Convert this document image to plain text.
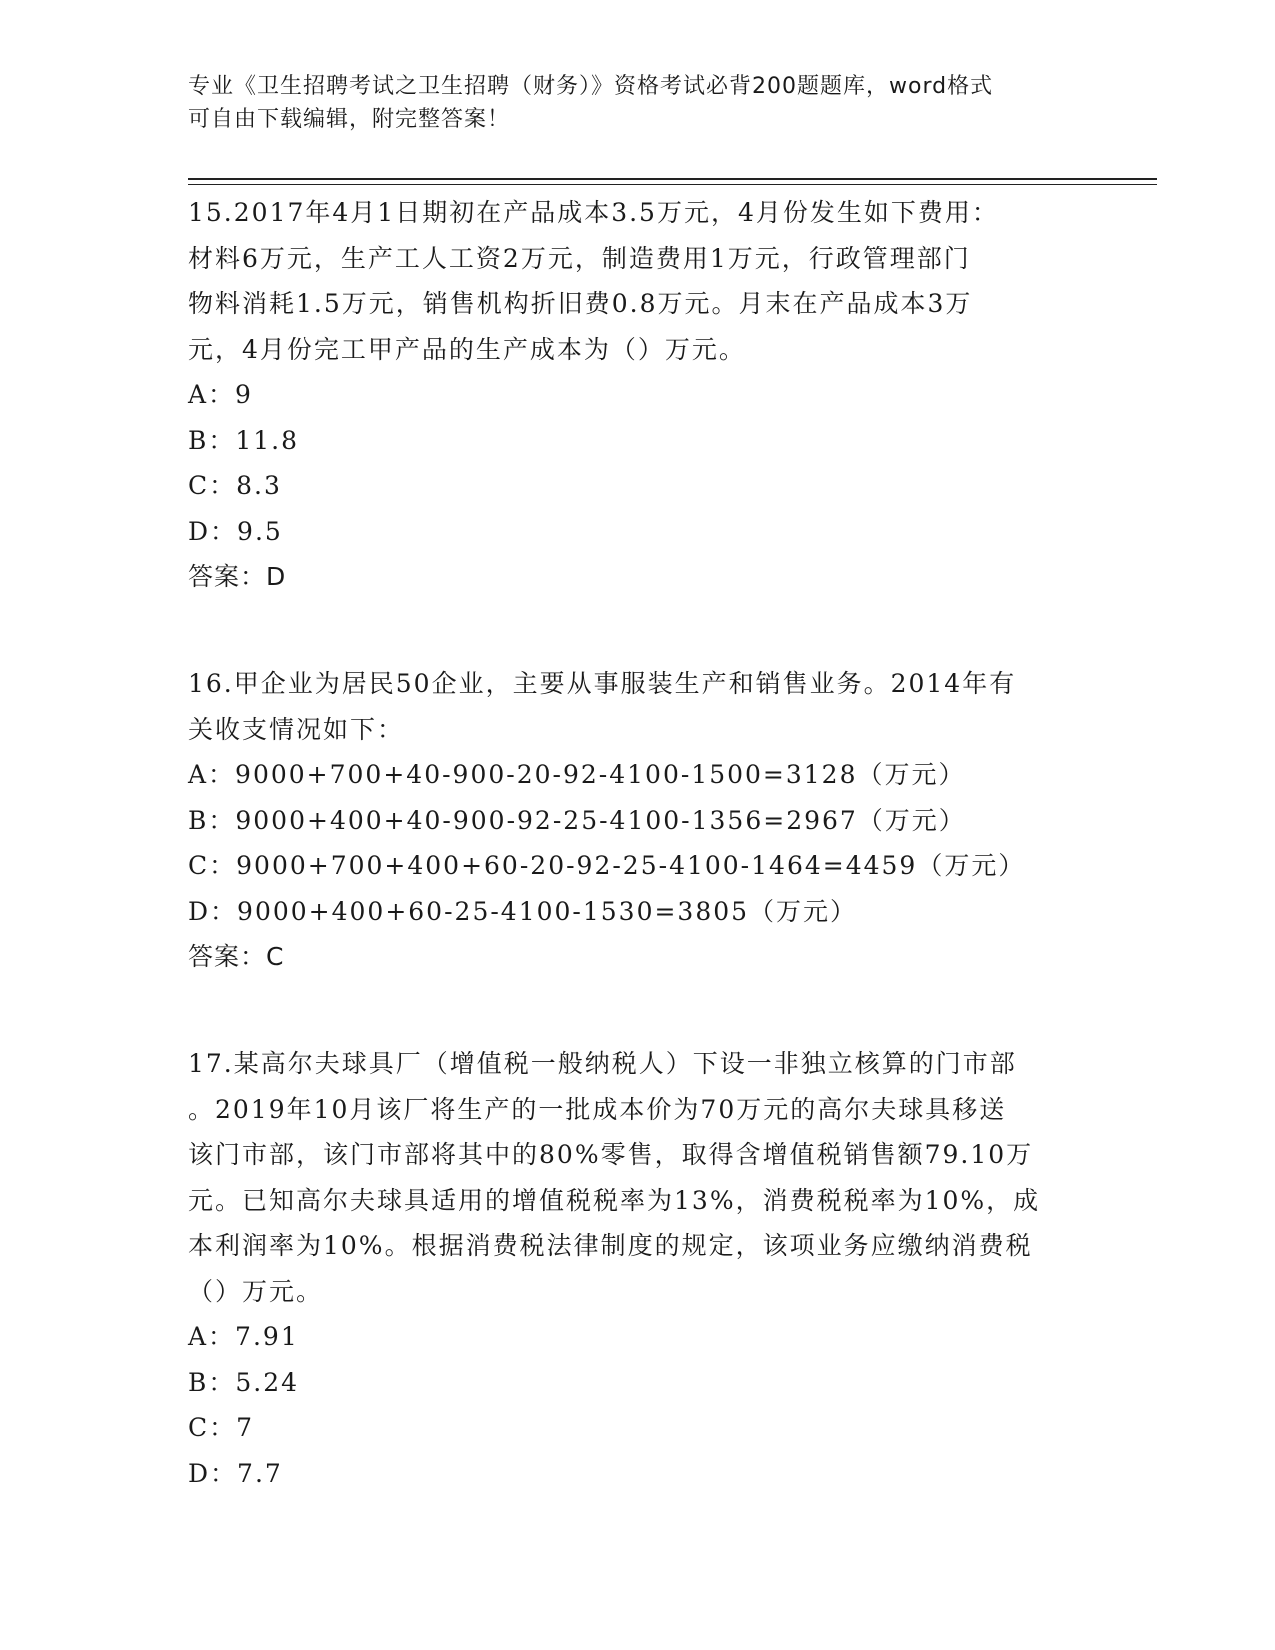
专业《卫生招聘考试之卫生招聘（财务）》资格考试必背200题题库，word格式
可自由下载编辑，附完整答案！

15.2017年4月1日期初在产品成本3.5万元，4月份发生如下费用：

材料6万元，生产工人工资2万元，制造费用1万元，行政管理部门

物料消耗1.5万元，销售机构折旧费0.8万元。月末在产品成本3万

元，4月份完工甲产品的生产成本为（）万元。

A：9

B：11.8

C：8.3

D：9.5

答案：D

16.甲企业为居民50企业，主要从事服装生产和销售业务。2014年有

关收支情况如下：

A：9000+700+40-900-20-92-4100-1500=3128（万元）

B：9000+400+40-900-92-25-4100-1356=2967（万元）

C：9000+700+400+60-20-92-25-4100-1464=4459（万元）

D：9000+400+60-25-4100-1530=3805（万元）

答案：C

17.某高尔夫球具厂（增值税一般纳税人）下设一非独立核算的门市部

。2019年10月该厂将生产的一批成本价为70万元的高尔夫球具移送

该门市部，该门市部将其中的80%零售，取得含增值税销售额79.10万

元。已知高尔夫球具适用的增值税税率为13%，消费税税率为10%，成

本利润率为10%。根据消费税法律制度的规定，该项业务应缴纳消费税

（）万元。

A：7.91

B：5.24

C：7

D：7.7
